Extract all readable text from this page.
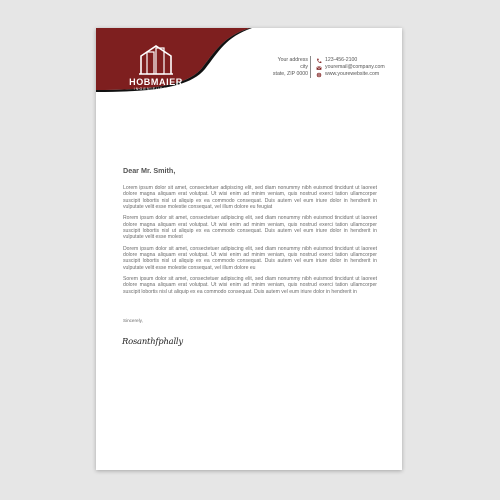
HOBMAIER
INGENIEURBÜRO
Your address
city
state, ZIP 0000
123-456-2100
youremail@company.com
www.yourewebsite.com
Dear Mr. Smith,

Lorem ipsum dolor sit amet, consectetuer adipiscing elit, sed diam nonummy nibh euismod tincidunt ut laoreet dolore magna aliquam erat volutpat. Ut wisi enim ad minim veniam, quis nostrud exerci tation ullamcorper suscipit lobortis nisl ut aliquip ex ea commodo consequat. Duis autem vel eum iriure dolor in hendrerit in vulputate velit esse molestie consequat, vel illum dolore eu feugiat

Rorem ipsum dolor sit amet, consectetuer adipiscing elit, sed diam nonummy nibh euismod tincidunt ut laoreet dolore magna aliquam erat volutpat. Ut wisi enim ad minim veniam, quis nostrud exerci tation ullamcorper suscipit lobortis nisl ut aliquip ex ea commodo consequat. Duis autem vel eum iriure dolor in hendrerit in vulputate velit esse molest

Dorem ipsum dolor sit amet, consectetuer adipiscing elit, sed diam nonummy nibh euismod tincidunt ut laoreet dolore magna aliquam erat volutpat. Ut wisi enim ad minim veniam, quis nostrud exerci tation ullamcorper suscipit lobortis nisl ut aliquip ex ea commodo consequat. Duis autem vel eum iriure dolor in hendrerit in vulputate velit esse molestie consequat, vel illum dolore eu

Sorem ipsum dolor sit amet, consectetuer adipiscing elit, sed diam nonummy nibh euismod tincidunt ut laoreet dolore magna aliquam erat volutpat. Ut wisi enim ad minim veniam, quis nostrud exerci tation ullamcorper suscipit lobortis nisl ut aliquip ex ea commodo consequat. Duis autem vel eum iriure dolor in hendrerit in

Sincerely,
Rosanthfphally
